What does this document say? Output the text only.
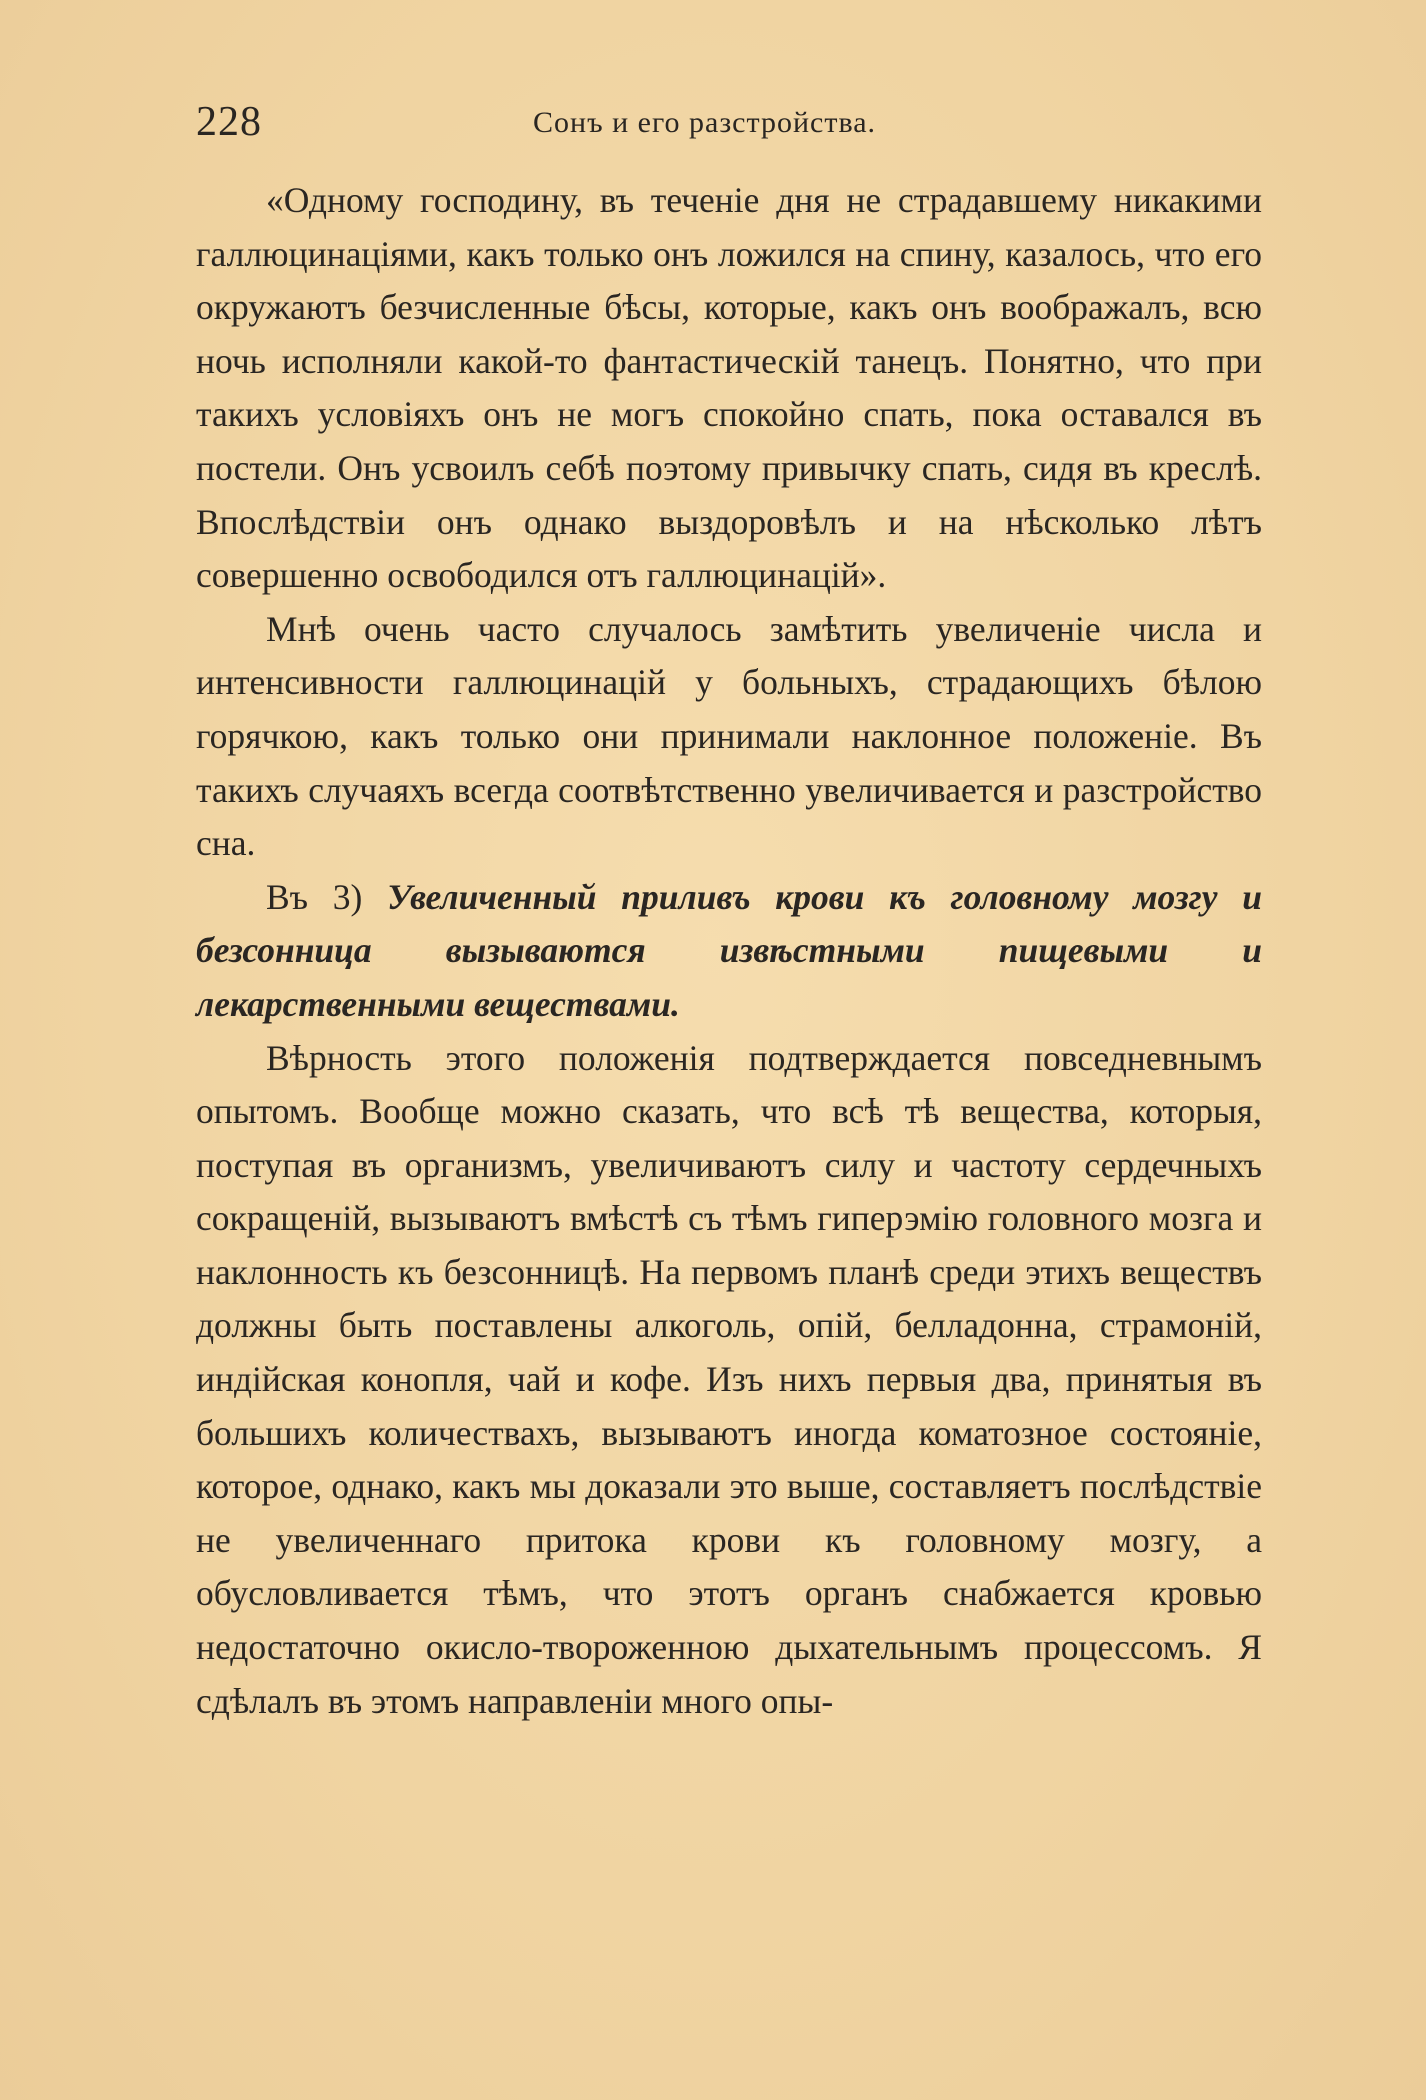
228	Сонъ и его разстройства.

«Одному господину, въ теченіе дня не страдавшему никакими галлюцинаціями, какъ только онъ ложился на спину, казалось, что его окружаютъ безчисленные бѣсы, которые, какъ онъ воображалъ, всю ночь исполняли какой-то фантастическій танецъ. Понятно, что при такихъ условіяхъ онъ не могъ спокойно спать, пока оставался въ постели. Онъ усвоилъ себѣ поэтому привычку спать, сидя въ креслѣ. Впослѣдствіи онъ однако выздоровѣлъ и на нѣсколько лѣтъ совершенно освободился отъ галлюцинацій».

Мнѣ очень часто случалось замѣтить увеличеніе числа и интенсивности галлюцинацій у больныхъ, страдающихъ бѣлою горячкою, какъ только они принимали наклонное положеніе. Въ такихъ случаяхъ всегда соотвѣтственно увеличивается и разстройство сна.

Въ 3) Увеличенный приливъ крови къ головному мозгу и безсонница вызываются извѣстными пищевыми и лекарственными веществами.

Вѣрность этого положенія подтверждается повседневнымъ опытомъ. Вообще можно сказать, что всѣ тѣ вещества, которыя, поступая въ организмъ, увеличиваютъ силу и частоту сердечныхъ сокращеній, вызываютъ вмѣстѣ съ тѣмъ гиперэмію головного мозга и наклонность къ безсонницѣ. На первомъ планѣ среди этихъ веществъ должны быть поставлены алкоголь, опій, белладонна, страмоній, индійская конопля, чай и кофе. Изъ нихъ первыя два, принятыя въ большихъ количествахъ, вызываютъ иногда коматозное состояніе, которое, однако, какъ мы доказали это выше, составляетъ послѣдствіе не увеличеннаго притока крови къ головному мозгу, а обусловливается тѣмъ, что этотъ органъ снабжается кровью недостаточно окисло-твороженною дыхательнымъ процессомъ. Я сдѣлалъ въ этомъ направленіи много опы-
